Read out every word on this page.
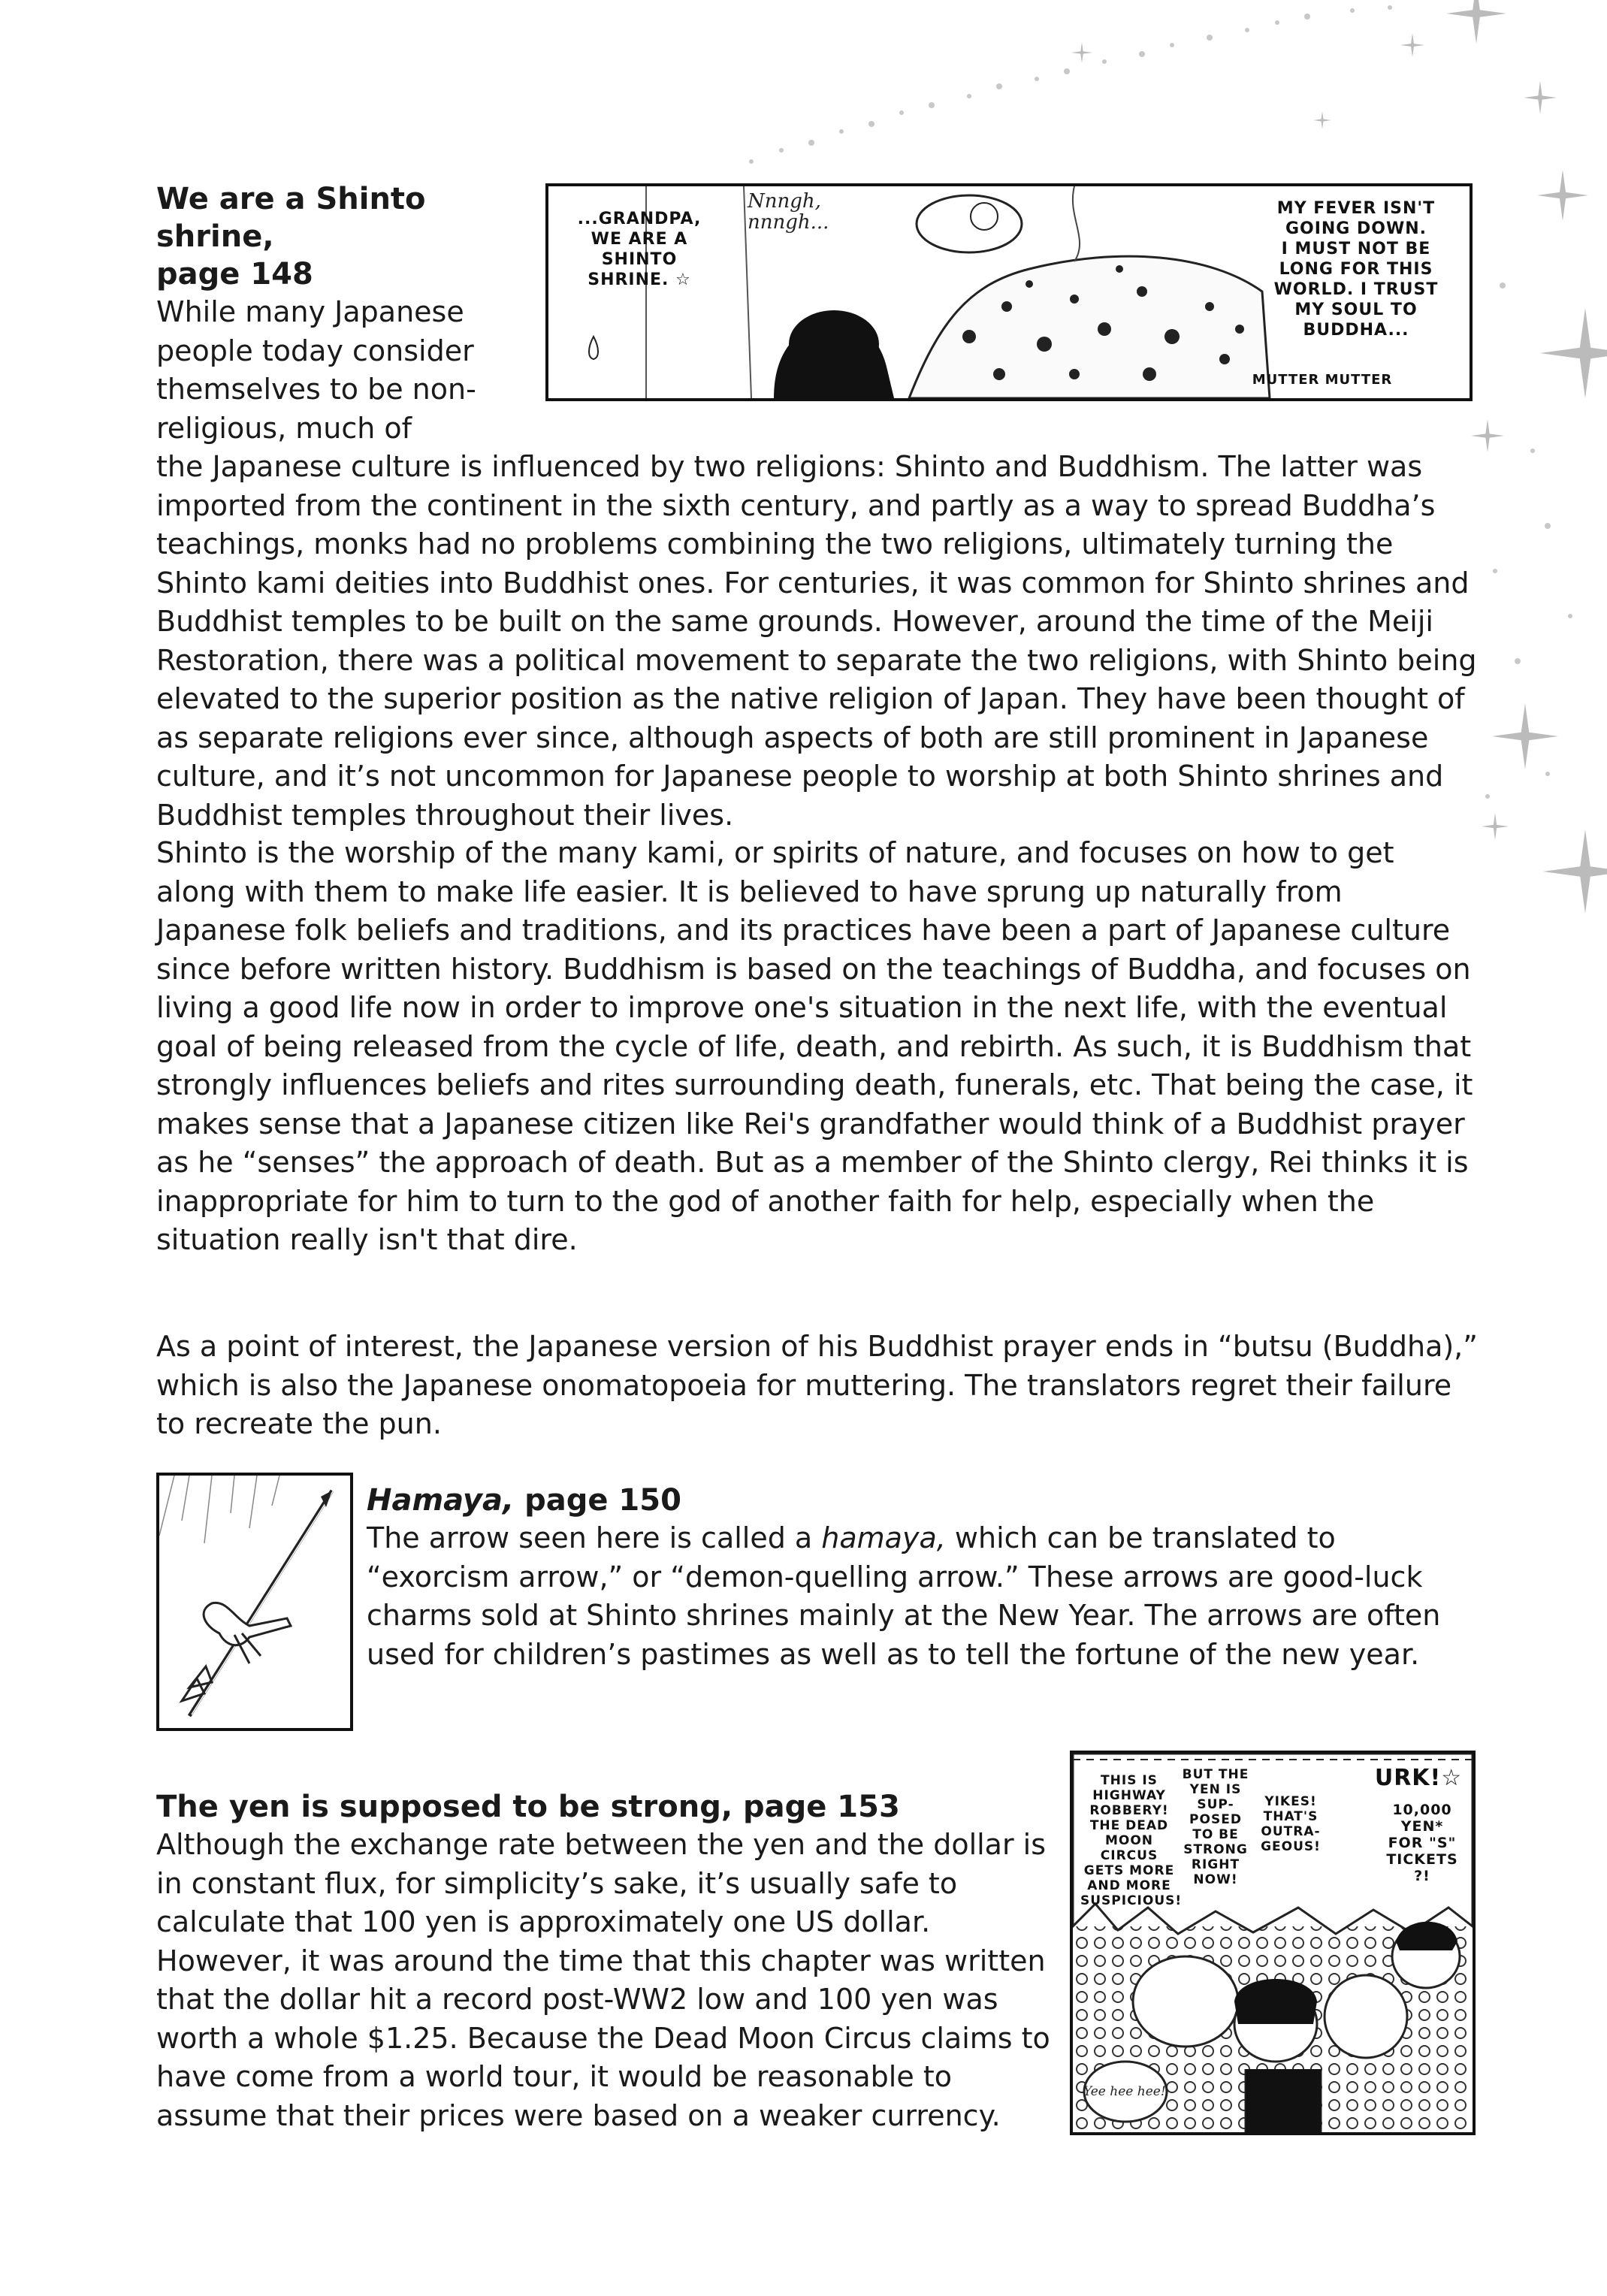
We are a Shinto shrine,
page 148

While many Japanese people today consider themselves to be non-religious, much of

the Japanese culture is influenced by two religions: Shinto and Buddhism. The latter was imported from the continent in the sixth century, and partly as a way to spread Buddha’s teachings, monks had no problems combining the two religions, ultimately turning the Shinto kami deities into Buddhist ones. For centuries, it was common for Shinto shrines and Buddhist temples to be built on the same grounds. However, around the time of the Meiji Restoration, there was a political movement to separate the two religions, with Shinto being elevated to the superior position as the native religion of Japan. They have been thought of as separate religions ever since, although aspects of both are still prominent in Japanese culture, and it’s not uncommon for Japanese people to worship at both Shinto shrines and Buddhist temples throughout their lives.

...GRANDPA,
WE ARE A
SHINTO
SHRINE. ☆
Nnngh,
nnngh...
MY FEVER ISN'T
GOING DOWN.
I MUST NOT BE
LONG FOR THIS
WORLD. I TRUST
MY SOUL TO
BUDDHA...
MUTTER MUTTER

Shinto is the worship of the many kami, or spirits of nature, and focuses on how to get along with them to make life easier. It is believed to have sprung up naturally from Japanese folk beliefs and traditions, and its practices have been a part of Japanese culture since before written history. Buddhism is based on the teachings of Buddha, and focuses on living a good life now in order to improve one's situation in the next life, with the eventual goal of being released from the cycle of life, death, and rebirth. As such, it is Buddhism that strongly influences beliefs and rites surrounding death, funerals, etc. That being the case, it makes sense that a Japanese citizen like Rei's grandfather would think of a Buddhist prayer as he “senses” the approach of death. But as a member of the Shinto clergy, Rei thinks it is inappropriate for him to turn to the god of another faith for help, especially when the situation really isn't that dire.

As a point of interest, the Japanese version of his Buddhist prayer ends in “butsu (Buddha),” which is also the Japanese onomatopoeia for muttering. The translators regret their failure to recreate the pun.

Hamaya, page 150

The arrow seen here is called a hamaya, which can be translated to “exorcism arrow,” or “demon-quelling arrow.” These arrows are good-luck charms sold at Shinto shrines mainly at the New Year. The arrows are often used for children’s pastimes as well as to tell the fortune of the new year.

The yen is supposed to be strong, page 153

Although the exchange rate between the yen and the dollar is in constant flux, for simplicity’s sake, it’s usually safe to calculate that 100 yen is approximately one US dollar. However, it was around the time that this chapter was written that the dollar hit a record post-WW2 low and 100 yen was worth a whole $1.25. Because the Dead Moon Circus claims to have come from a world tour, it would be reasonable to assume that their prices were based on a weaker currency.

THIS IS
HIGHWAY
ROBBERY!
THE DEAD
MOON CIRCUS
GETS MORE
AND MORE
SUSPICIOUS!
BUT THE
YEN IS
SUP-
POSED
TO BE
STRONG
RIGHT
NOW!
YIKES!
THAT'S
OUTRA-
GEOUS!
URK!☆
10,000
YEN*
FOR "S"
TICKETS
?!
Yee hee hee!
